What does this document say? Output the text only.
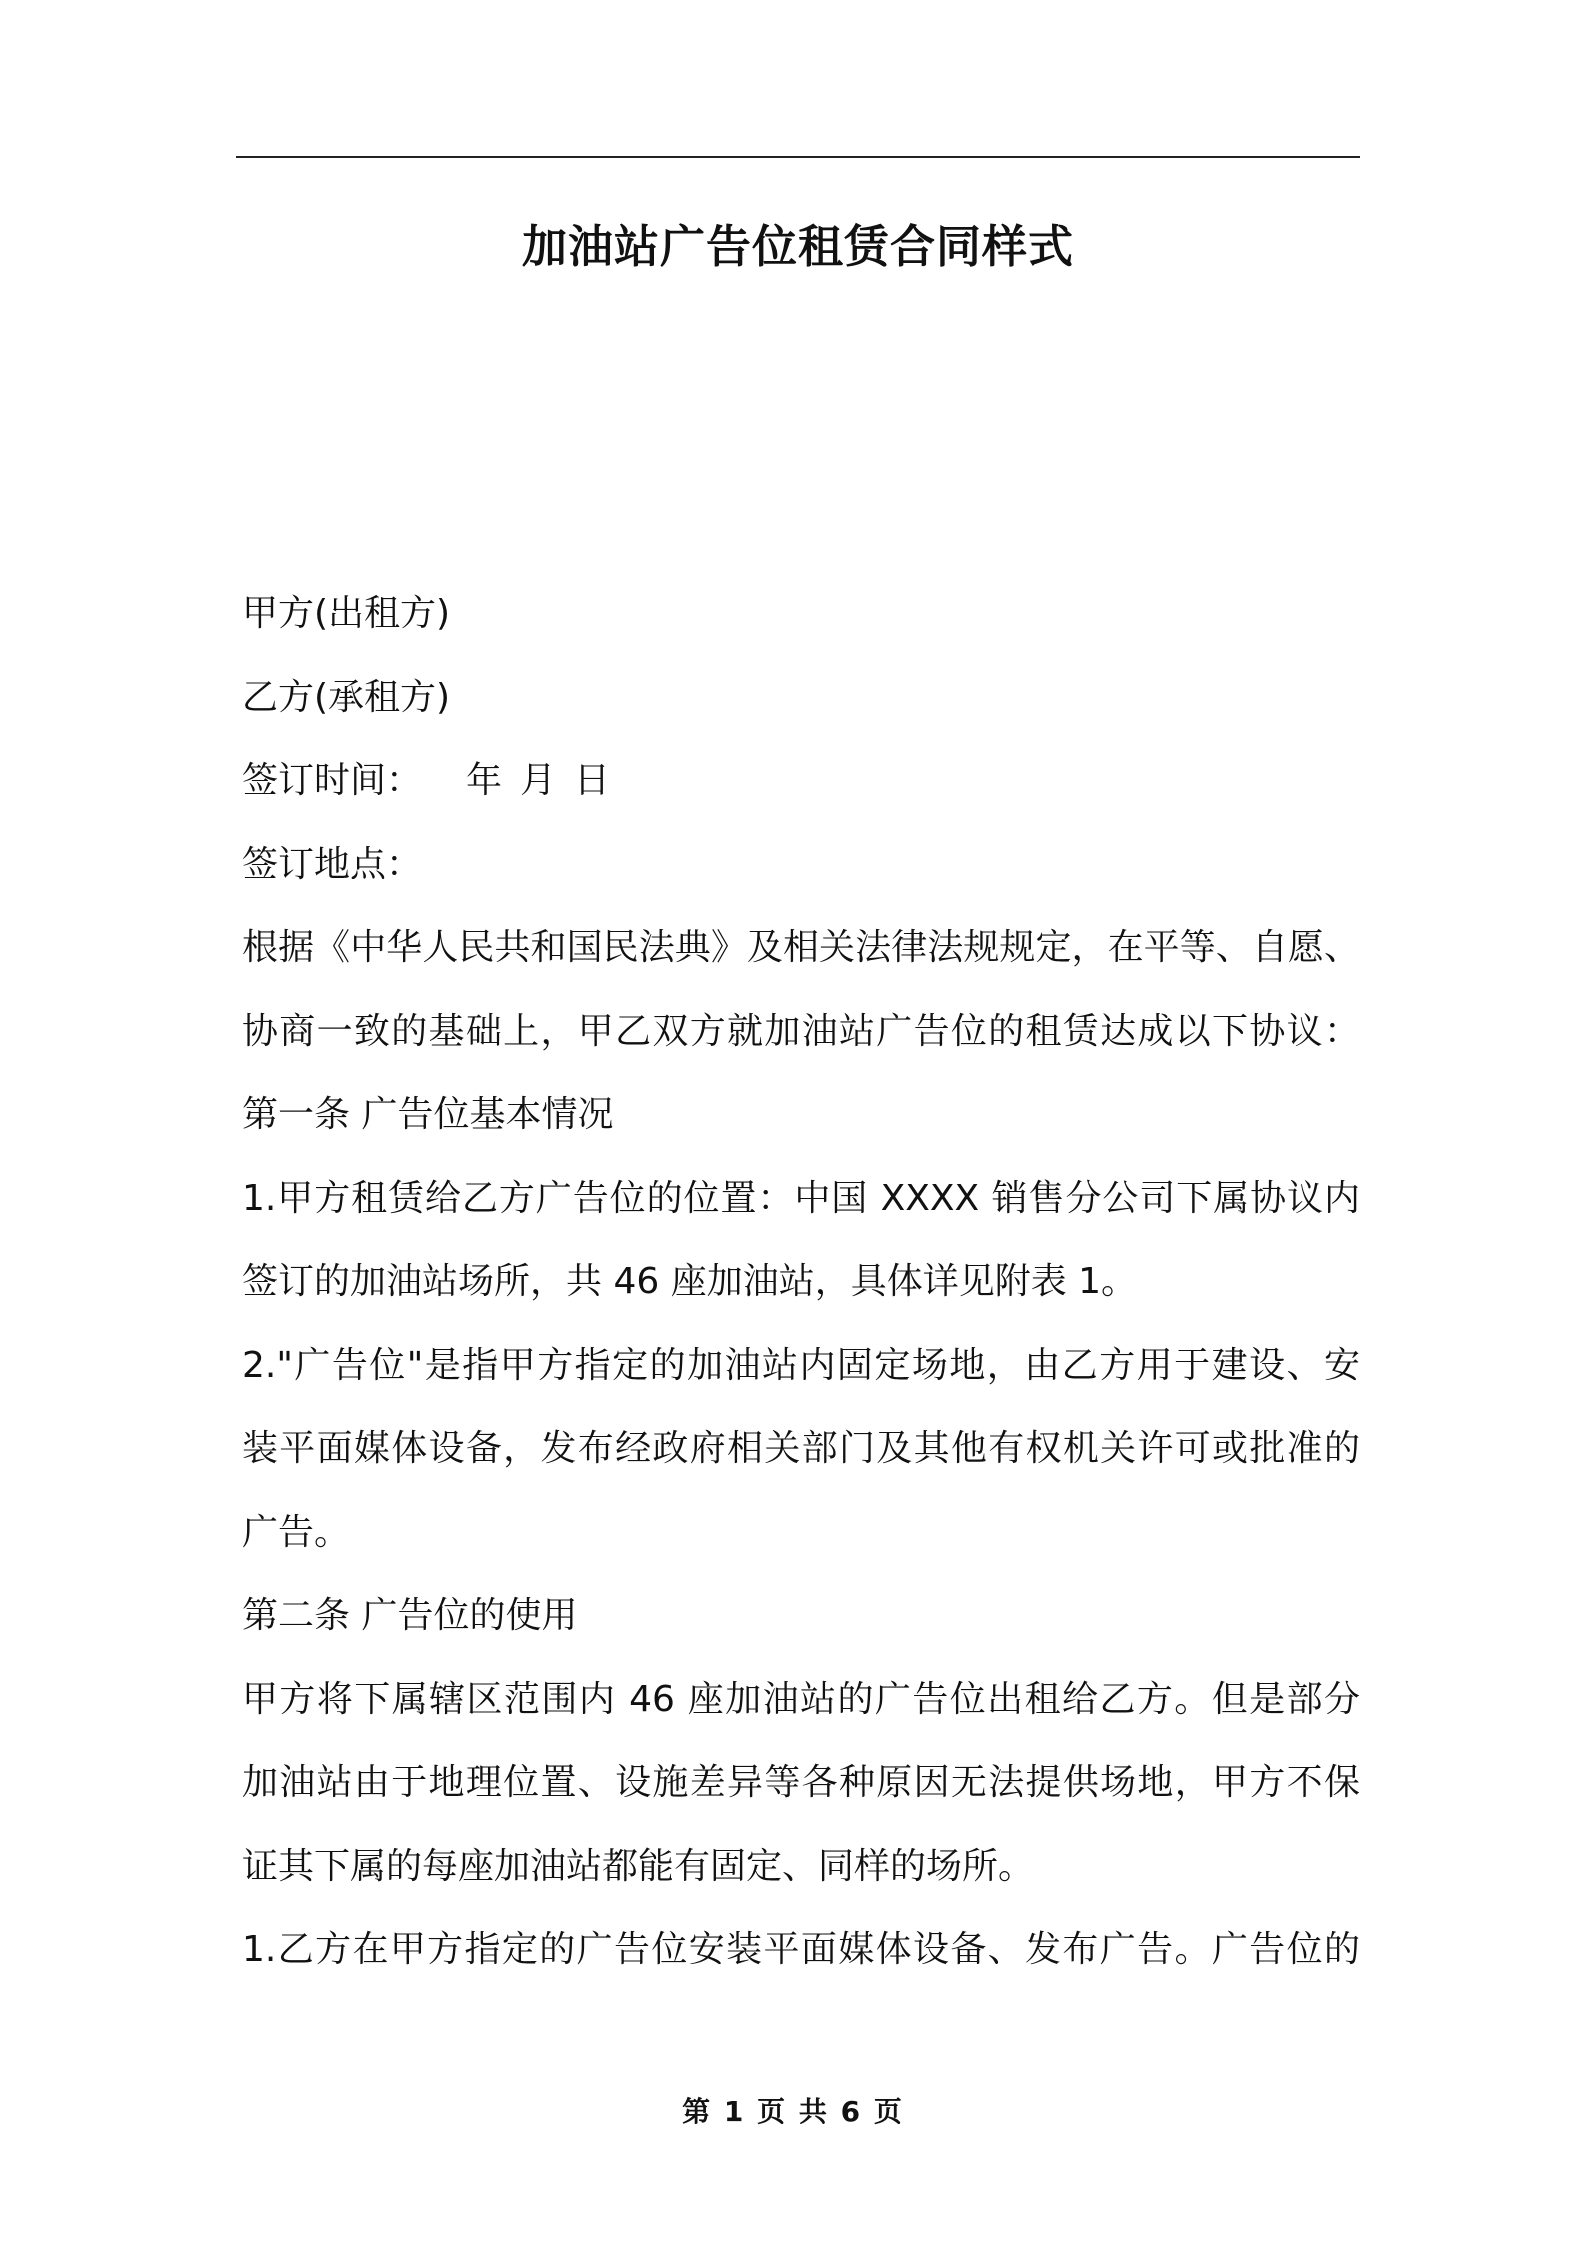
加油站广告位租赁合同样式

甲方(出租方)

乙方(承租方)

签订时间： 年 月 日

签订地点：

根据《中华人民共和国民法典》及相关法律法规规定，在平等、自愿、

协商一致的基础上，甲乙双方就加油站广告位的租赁达成以下协议：

第一条 广告位基本情况

1.甲方租赁给乙方广告位的位置：中国 XXXX 销售分公司下属协议内

签订的加油站场所，共 46 座加油站，具体详见附表 1。

2."广告位"是指甲方指定的加油站内固定场地，由乙方用于建设、安

装平面媒体设备，发布经政府相关部门及其他有权机关许可或批准的

广告。

第二条 广告位的使用

甲方将下属辖区范围内 46 座加油站的广告位出租给乙方。但是部分

加油站由于地理位置、设施差异等各种原因无法提供场地，甲方不保

证其下属的每座加油站都能有固定、同样的场所。

1.乙方在甲方指定的广告位安装平面媒体设备、发布广告。广告位的

第 1 页 共 6 页
